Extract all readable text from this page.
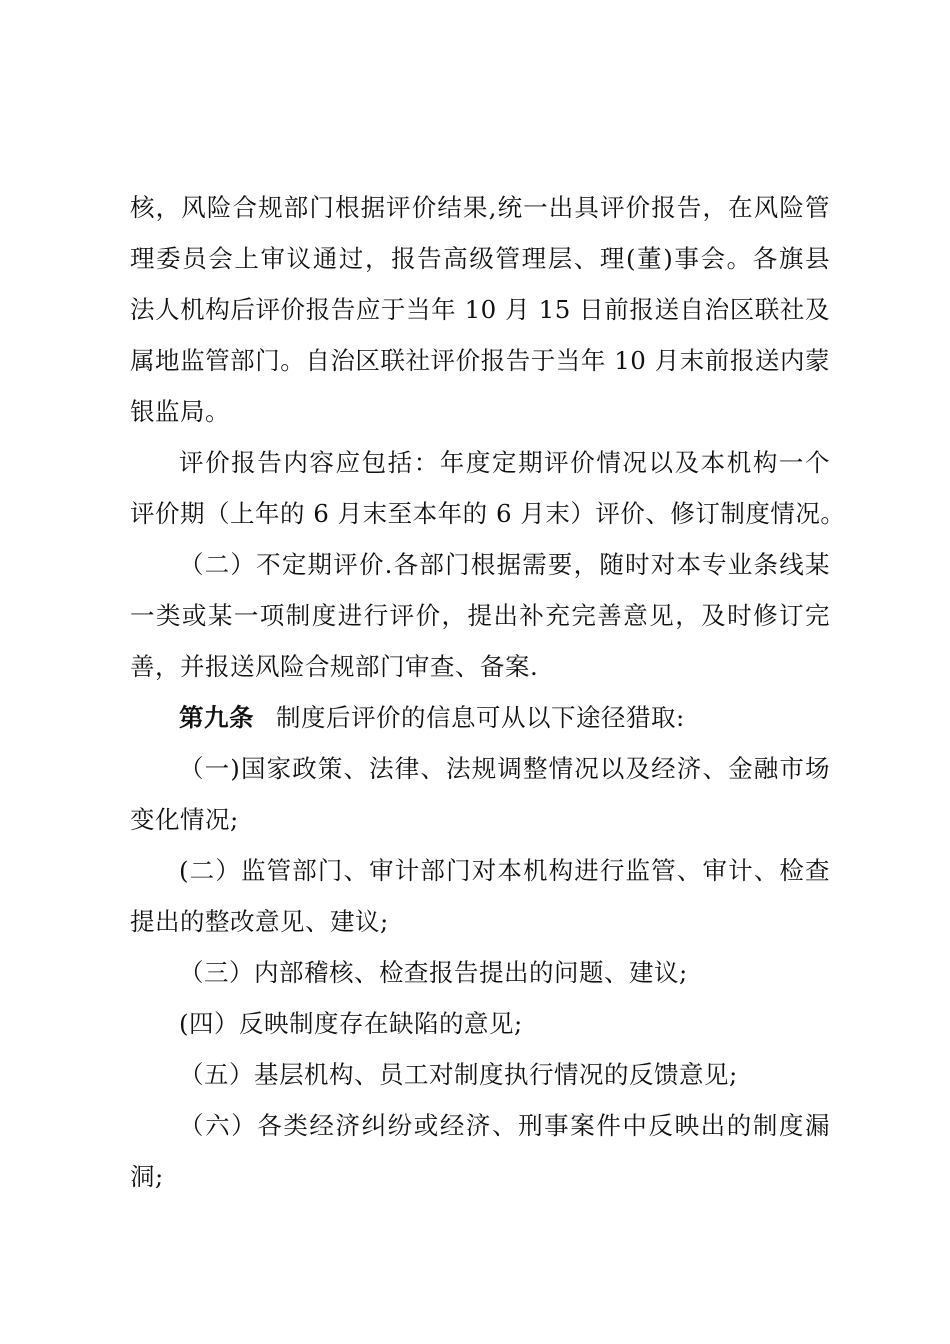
核，风险合规部门根据评价结果,统一出具评价报告，在风险管
理委员会上审议通过，报告高级管理层、理(董)事会。各旗县
法人机构后评价报告应于当年 10 月 15 日前报送自治区联社及
属地监管部门。自治区联社评价报告于当年 10 月末前报送内蒙
银监局。
评价报告内容应包括：年度定期评价情况以及本机构一个
评价期（上年的 6 月末至本年的 6 月末）评价、修订制度情况。
（二）不定期评价.各部门根据需要，随时对本专业条线某
一类或某一项制度进行评价，提出补充完善意见，及时修订完
善，并报送风险合规部门审查、备案.
第九条 制度后评价的信息可从以下途径猎取:
（一)国家政策、法律、法规调整情况以及经济、金融市场
变化情况;
(二）监管部门、审计部门对本机构进行监管、审计、检查
提出的整改意见、建议;
（三）内部稽核、检查报告提出的问题、建议;
(四）反映制度存在缺陷的意见;
（五）基层机构、员工对制度执行情况的反馈意见;
（六）各类经济纠纷或经济、刑事案件中反映出的制度漏
洞;
